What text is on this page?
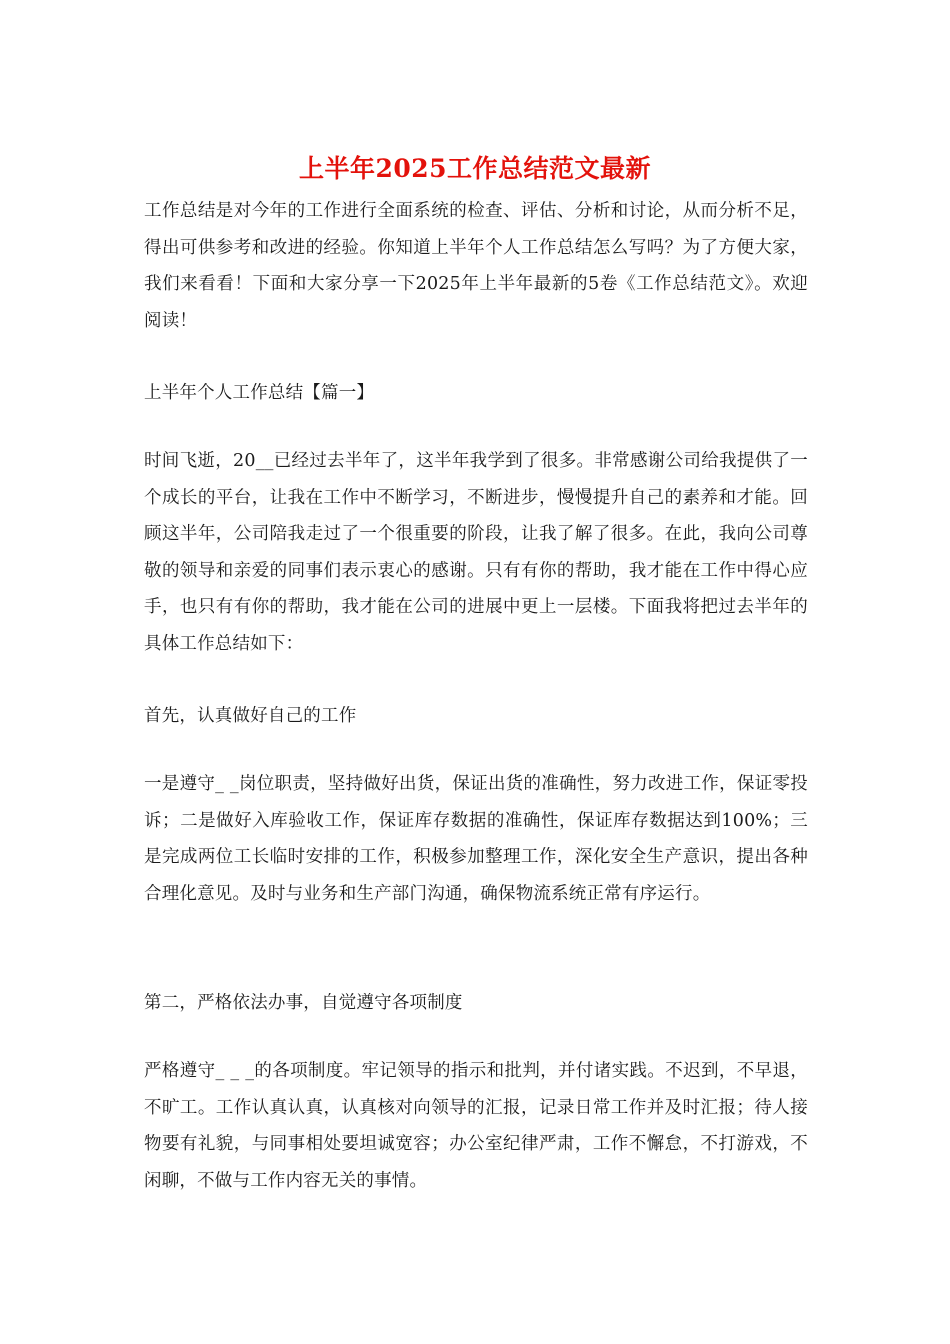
上半年2025工作总结范文最新

工作总结是对今年的工作进行全面系统的检查、评估、分析和讨论，从而分析不足，得出可供参考和改进的经验。你知道上半年个人工作总结怎么写吗？为了方便大家，我们来看看！下面和大家分享一下2025年上半年最新的5卷《工作总结范文》。欢迎阅读！

上半年个人工作总结【篇一】

时间飞逝，20__已经过去半年了，这半年我学到了很多。非常感谢公司给我提供了一个成长的平台，让我在工作中不断学习，不断进步，慢慢提升自己的素养和才能。回顾这半年，公司陪我走过了一个很重要的阶段，让我了解了很多。在此，我向公司尊敬的领导和亲爱的同事们表示衷心的感谢。只有有你的帮助，我才能在工作中得心应手，也只有有你的帮助，我才能在公司的进展中更上一层楼。下面我将把过去半年的具体工作总结如下：

首先，认真做好自己的工作

一是遵守_ _岗位职责，坚持做好出货，保证出货的准确性，努力改进工作，保证零投诉；二是做好入库验收工作，保证库存数据的准确性，保证库存数据达到100%；三是完成两位工长临时安排的工作，积极参加整理工作，深化安全生产意识，提出各种合理化意见。及时与业务和生产部门沟通，确保物流系统正常有序运行。

第二，严格依法办事，自觉遵守各项制度

严格遵守_ _ _的各项制度。牢记领导的指示和批判，并付诸实践。不迟到，不早退，不旷工。工作认真认真，认真核对向领导的汇报，记录日常工作并及时汇报；待人接物要有礼貌，与同事相处要坦诚宽容；办公室纪律严肃，工作不懈怠，不打游戏，不闲聊，不做与工作内容无关的事情。
